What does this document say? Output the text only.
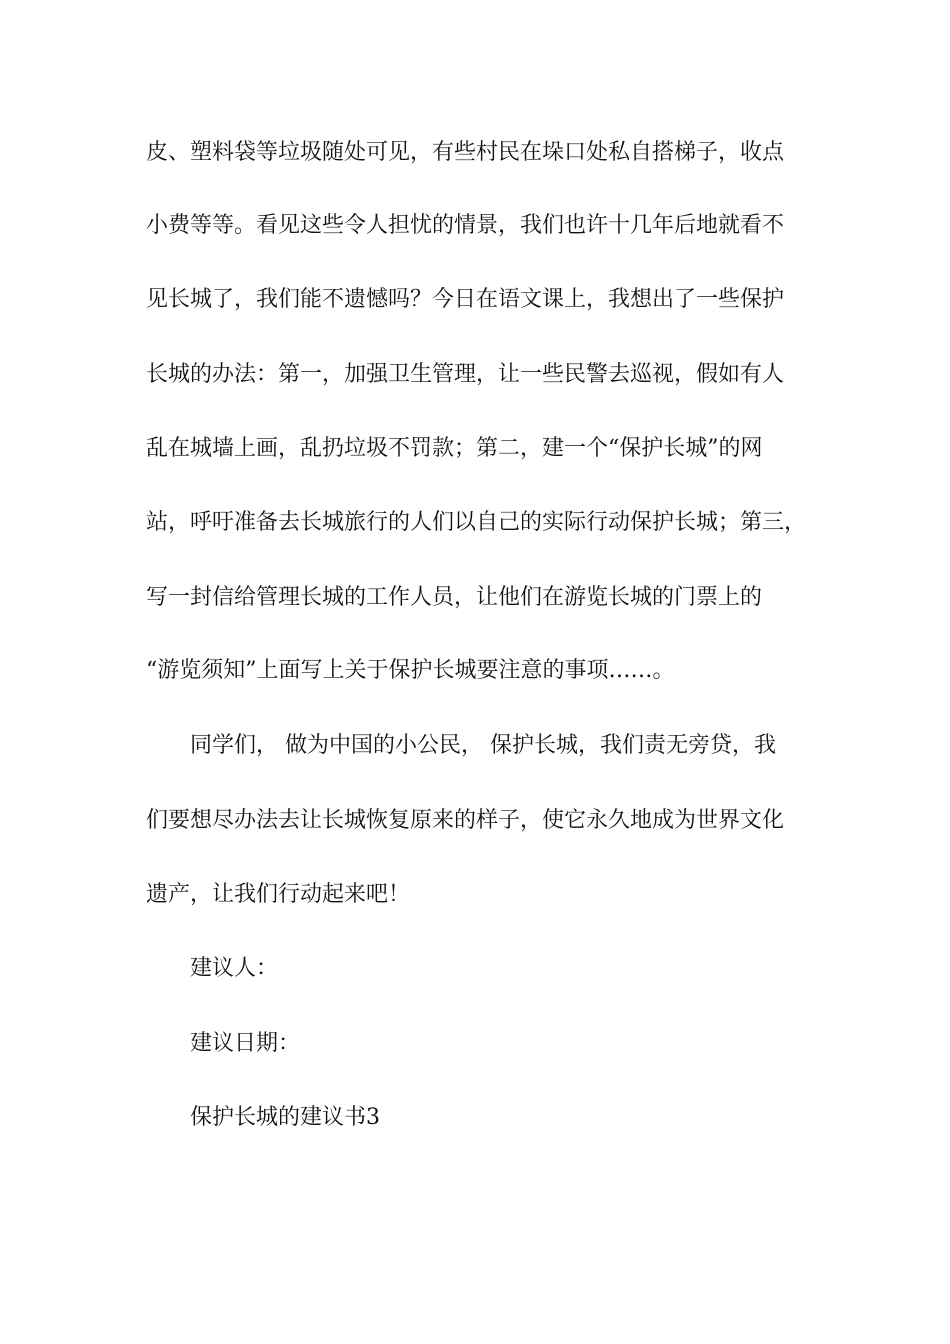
皮、塑料袋等垃圾随处可见，有些村民在垛口处私自搭梯子，收点
小费等等。看见这些令人担忧的情景，我们也许十几年后地就看不
见长城了，我们能不遗憾吗？今日在语文课上，我想出了一些保护
长城的办法：第一，加强卫生管理，让一些民警去巡视，假如有人
乱在城墙上画，乱扔垃圾不罚款；第二，建一个“保护长城”的网
站，呼吁准备去长城旅行的人们以自己的实际行动保护长城；第三，
写一封信给管理长城的工作人员，让他们在游览长城的门票上的
“游览须知”上面写上关于保护长城要注意的事项……。
同学们， 做为中国的小公民， 保护长城，我们责无旁贷，我
们要想尽办法去让长城恢复原来的样子，使它永久地成为世界文化
遗产，让我们行动起来吧！
建议人：
建议日期：
保护长城的建议书3
